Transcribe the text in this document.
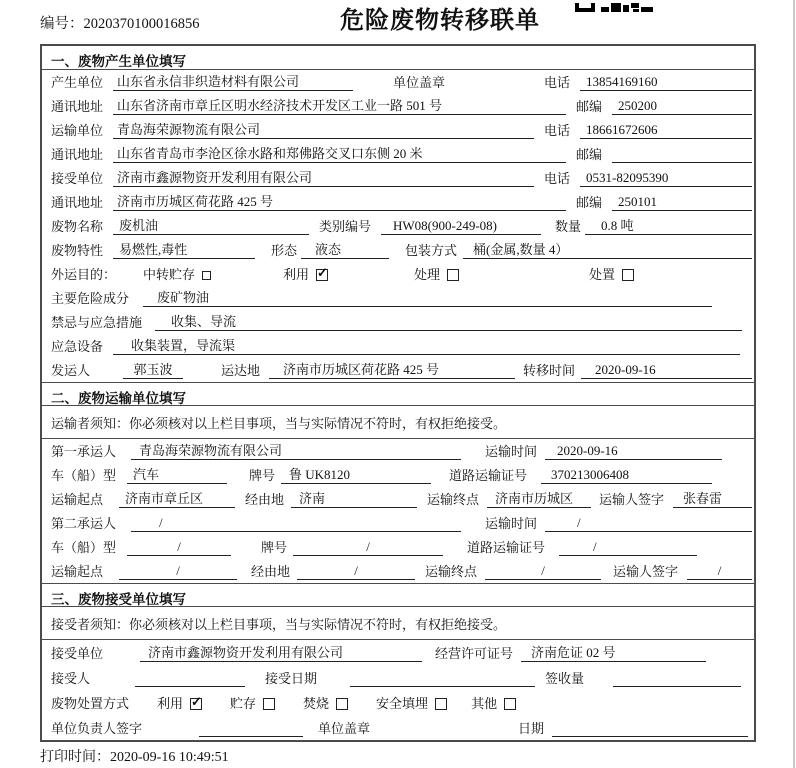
编号：2020370100016856	危险废物转移联单
一、废物产生单位填写
产生单位	山东省永信非织造材料有限公司	单位盖章	电话	13854169160
通讯地址	山东省济南市章丘区明水经济技术开发区工业一路 501 号	邮编	250200
运输单位	青岛海荣源物流有限公司	电话	18661672606
通讯地址	山东省青岛市李沧区徐水路和郑佛路交叉口东侧 20 米	邮编
接受单位	济南市鑫源物资开发利用有限公司	电话	0531-82095390
通讯地址	济南市历城区荷花路 425 号	邮编	250101
废物名称	废机油	类别编号	HW08(900-249-08)	数量	0.8 吨
废物特性	易燃性,毒性	形态	液态	包装方式	桶(金属,数量 4）
外运目的：	中转贮存	利用 ✓	处理	处置
主要危险成分	废矿物油
禁忌与应急措施	收集、导流
应急设备	收集装置，导流渠
发运人	郭玉波	运达地	济南市历城区荷花路 425 号	转移时间	2020-09-16
二、废物运输单位填写
运输者须知：你必须核对以上栏目事项，当与实际情况不符时，有权拒绝接受。
第一承运人	青岛海荣源物流有限公司	运输时间	2020-09-16
车（船）型	汽车	牌号	鲁 UK8120	道路运输证号	370213006408
运输起点	济南市章丘区	经由地	济南	运输终点	济南市历城区	运输人签字	张春雷
第二承运人	/	运输时间	/
车（船）型	/	牌号	/	道路运输证号	/
运输起点	/	经由地	/	运输终点	/	运输人签字	/
三、废物接受单位填写
接受者须知：你必须核对以上栏目事项，当与实际情况不符时，有权拒绝接受。
接受单位	济南市鑫源物资开发利用有限公司	经营许可证号	济南危证 02 号
接受人	接受日期	签收量
废物处置方式	利用 ✓	贮存	焚烧	安全填埋	其他
单位负责人签字	单位盖章	日期
打印时间：2020-09-16 10:49:51
